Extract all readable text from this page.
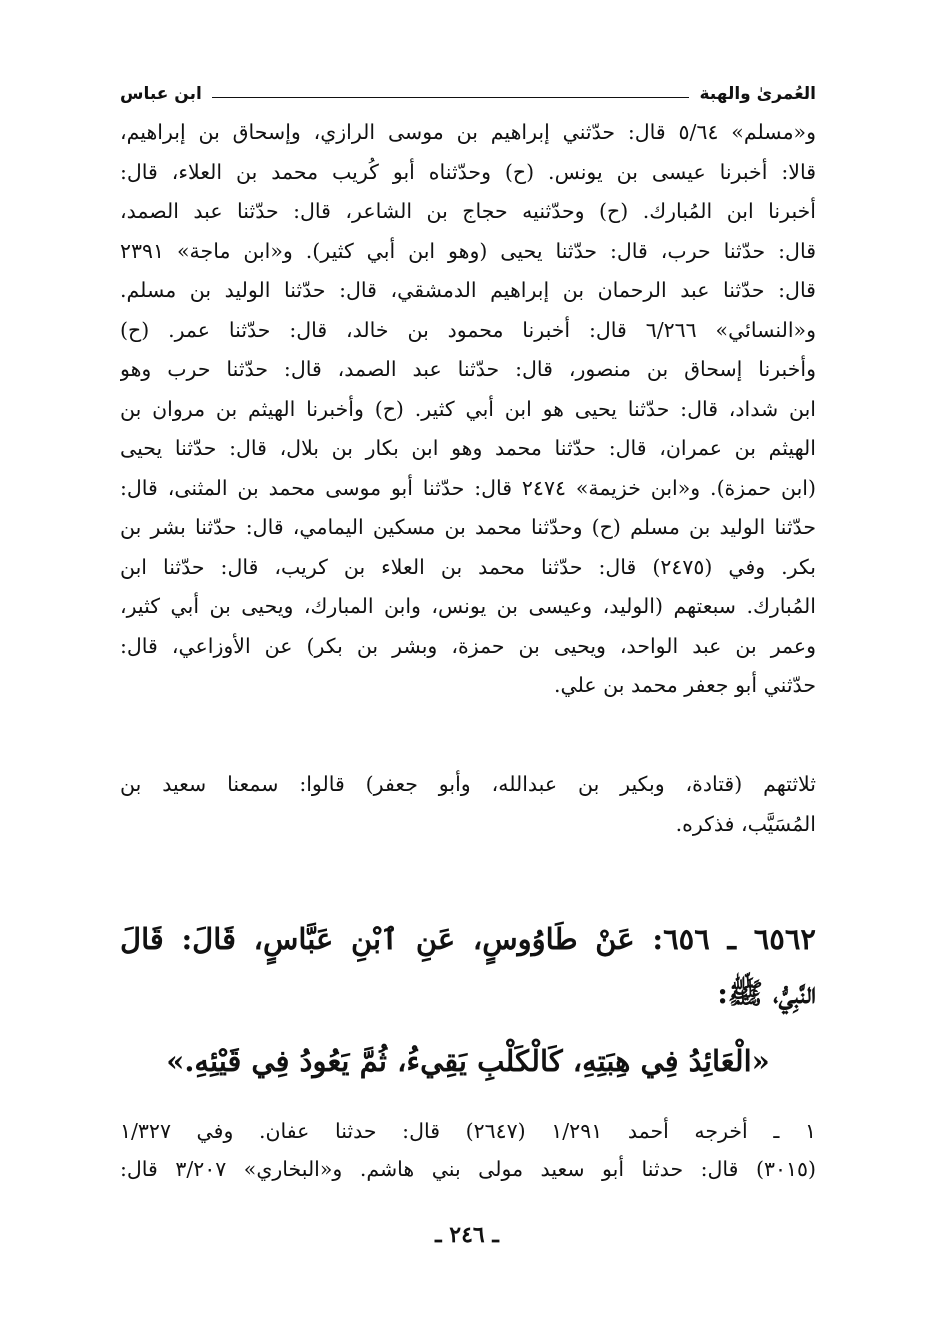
العُمرىٰ والهبة
ابن عباس
و«مسلم» ٥/٦٤ قال: حدّثني إبراهيم بن موسى الرازي، وإسحاق بن إبراهيم،
قالا: أخبرنا عيسى بن يونس. (ح) وحدّثناه أبو كُريب محمد بن العلاء، قال:
أخبرنا ابن المُبارك. (ح) وحدّثنيه حجاج بن الشاعر، قال: حدّثنا عبد الصمد،
قال: حدّثنا حرب، قال: حدّثنا يحيى (وهو ابن أبي كثير). و«ابن ماجة» ٢٣٩١
قال: حدّثنا عبد الرحمان بن إبراهيم الدمشقي، قال: حدّثنا الوليد بن مسلم.
و«النسائي» ٦/٢٦٦ قال: أخبرنا محمود بن خالد، قال: حدّثنا عمر. (ح)
وأخبرنا إسحاق بن منصور، قال: حدّثنا عبد الصمد، قال: حدّثنا حرب وهو
ابن شداد، قال: حدّثنا يحيى هو ابن أبي كثير. (ح) وأخبرنا الهيثم بن مروان بن
الهيثم بن عمران، قال: حدّثنا محمد وهو ابن بكار بن بلال، قال: حدّثنا يحيى
(ابن حمزة). و«ابن خزيمة» ٢٤٧٤ قال: حدّثنا أبو موسى محمد بن المثنى، قال:
حدّثنا الوليد بن مسلم (ح) وحدّثنا محمد بن مسكين اليمامي، قال: حدّثنا بشر بن
بكر. وفي (٢٤٧٥) قال: حدّثنا محمد بن العلاء بن كريب، قال: حدّثنا ابن
المُبارك. سبعتهم (الوليد، وعيسى بن يونس، وابن المبارك، ويحيى بن أبي كثير،
وعمر بن عبد الواحد، ويحيى بن حمزة، وبشر بن بكر) عن الأوزاعي، قال:
حدّثني أبو جعفر محمد بن علي.
ثلاثتهم (قتادة، وبكير بن عبدالله، وأبو جعفر) قالوا: سمعنا سعيد بن
المُسَيَّب، فذكره.
٦٥٦٢ ـ ٦٥٦: عَنْ طَاوُوسٍ، عَنِ ٱبْنِ عَبَّاسٍ، قَالَ: قَالَ
النَّبِيُّ، ﷺ:
«الْعَائِدُ فِي هِبَتِهِ، كَالْكَلْبِ يَقِيءُ، ثُمَّ يَعُودُ فِي قَيْئِهِ.»
١ ـ أخرجه أحمد ١/٢٩١ (٢٦٤٧) قال: حدثنا عفان. وفي ١/٣٢٧
(٣٠١٥) قال: حدثنا أبو سعيد مولى بني هاشم. و«البخاري» ٣/٢٠٧ قال:
ـ ٢٤٦ ـ
